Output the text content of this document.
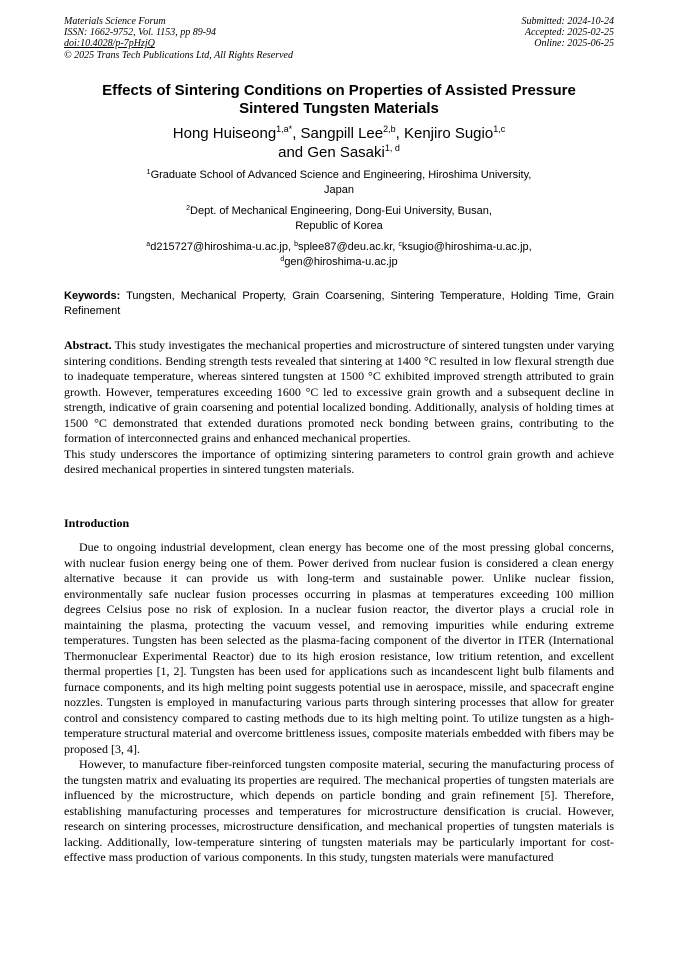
Materials Science Forum
ISSN: 1662-9752, Vol. 1153, pp 89-94
doi:10.4028/p-7pHzjQ
© 2025 Trans Tech Publications Ltd, All Rights Reserved
Submitted: 2024-10-24
Accepted: 2025-02-25
Online: 2025-06-25
Effects of Sintering Conditions on Properties of Assisted Pressure
Sintered Tungsten Materials
Hong Huiseong$^{1,a*}$, Sangpill Lee$^{2,b}$, Kenjiro Sugio$^{1,c}$
and Gen Sasaki$^{1, d}$
$^1$Graduate School of Advanced Science and Engineering, Hiroshima University,
Japan
$^2$Dept. of Mechanical Engineering, Dong-Eui University, Busan,
Republic of Korea
$^a$d215727@hiroshima-u.ac.jp, $^b$splee87@deu.ac.kr, $^c$ksugio@hiroshima-u.ac.jp,
$^d$gen@hiroshima-u.ac.jp
Keywords: Tungsten, Mechanical Property, Grain Coarsening, Sintering Temperature, Holding Time, Grain Refinement

Abstract. This study investigates the mechanical properties and microstructure of sintered tungsten under varying sintering conditions. Bending strength tests revealed that sintering at 1400 °C resulted in low flexural strength due to inadequate temperature, whereas sintered tungsten at 1500 °C exhibited improved strength attributed to grain growth. However, temperatures exceeding 1600 °C led to excessive grain growth and a subsequent decline in strength, indicative of grain coarsening and potential localized bonding. Additionally, analysis of holding times at 1500 °C demonstrated that extended durations promoted neck bonding between grains, contributing to the formation of interconnected grains and enhanced mechanical properties.

This study underscores the importance of optimizing sintering parameters to control grain growth and achieve desired mechanical properties in sintered tungsten materials.

Introduction

Due to ongoing industrial development, clean energy has become one of the most pressing global concerns, with nuclear fusion energy being one of them. Power derived from nuclear fusion is considered a clean energy alternative because it can provide us with long-term and sustainable power. Unlike nuclear fission, environmentally safe nuclear fusion processes occurring in plasmas at temperatures exceeding 100 million degrees Celsius pose no risk of explosion. In a nuclear fusion reactor, the divertor plays a crucial role in maintaining the plasma, protecting the vacuum vessel, and removing impurities while enduring extreme temperatures. Tungsten has been selected as the plasma-facing component of the divertor in ITER (International Thermonuclear Experimental Reactor) due to its high erosion resistance, low tritium retention, and excellent thermal properties [1, 2]. Tungsten has been used for applications such as incandescent light bulb filaments and furnace components, and its high melting point suggests potential use in aerospace, missile, and spacecraft engine nozzles. Tungsten is employed in manufacturing various parts through sintering processes that allow for greater control and consistency compared to casting methods due to its high melting point. To utilize tungsten as a high-temperature structural material and overcome brittleness issues, composite materials embedded with fibers may be proposed [3, 4].

However, to manufacture fiber-reinforced tungsten composite material, securing the manufacturing process of the tungsten matrix and evaluating its properties are required. The mechanical properties of tungsten materials are influenced by the microstructure, which depends on particle bonding and grain refinement [5]. Therefore, establishing manufacturing processes and temperatures for microstructure densification is crucial. However, research on sintering processes, microstructure densification, and mechanical properties of tungsten materials is lacking. Additionally, low-temperature sintering of tungsten materials may be particularly important for cost-effective mass production of various components. In this study, tungsten materials were manufactured
